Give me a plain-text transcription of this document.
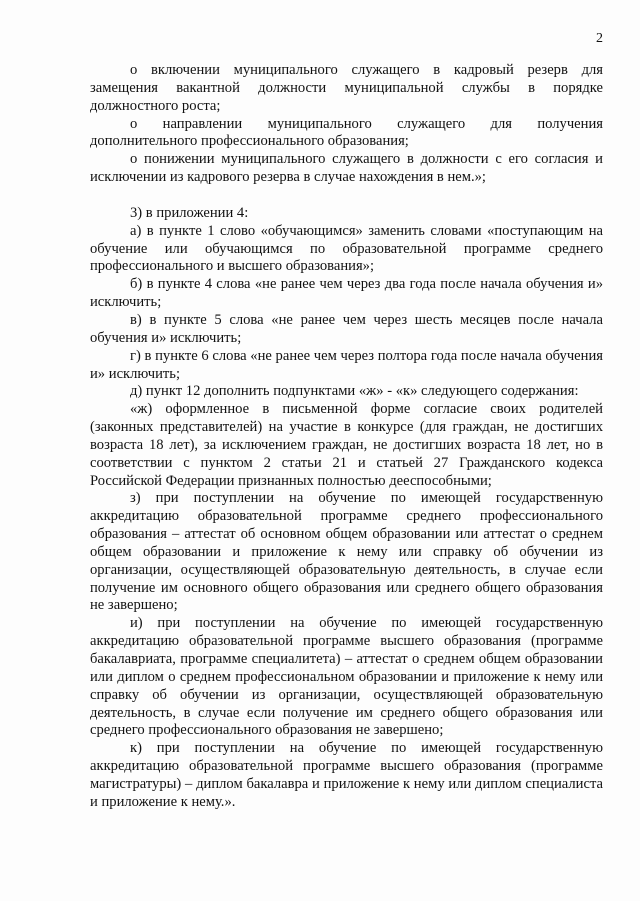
2

о включении муниципального служащего в кадровый резерв для замещения вакантной должности муниципальной службы в порядке должностного роста;

о направлении муниципального служащего для получения дополнительного профессионального образования;

о понижении муниципального служащего в должности с его согласия и исключении из кадрового резерва в случае нахождения в нем.»;

3) в приложении 4:

а) в пункте 1 слово «обучающимся» заменить словами «поступающим на обучение или обучающимся по образовательной программе среднего профессионального и высшего образования»;

б) в пункте 4 слова «не ранее чем через два года после начала обучения и» исключить;

в) в пункте 5 слова «не ранее чем через шесть месяцев после начала обучения и» исключить;

г) в пункте 6 слова «не ранее чем через полтора года после начала обучения и» исключить;

д) пункт 12 дополнить подпунктами «ж» - «к» следующего содержания:

«ж) оформленное в письменной форме согласие своих родителей (законных представителей) на участие в конкурсе (для граждан, не достигших возраста 18 лет), за исключением граждан, не достигших возраста 18 лет, но в соответствии с пунктом 2 статьи 21 и статьей 27 Гражданского кодекса Российской Федерации признанных полностью дееспособными;

з) при поступлении на обучение по имеющей государственную аккредитацию образовательной программе среднего профессионального образования – аттестат об основном общем образовании или аттестат о среднем общем образовании и приложение к нему или справку об обучении из организации, осуществляющей образовательную деятельность, в случае если получение им основного общего образования или среднего общего образования не завершено;

и) при поступлении на обучение по имеющей государственную аккредитацию образовательной программе высшего образования (программе бакалавриата, программе специалитета) – аттестат о среднем общем образовании или диплом о среднем профессиональном образовании и приложение к нему или справку об обучении из организации, осуществляющей образовательную деятельность, в случае если получение им среднего общего образования или среднего профессионального образования не завершено;

к) при поступлении на обучение по имеющей государственную аккредитацию образовательной программе высшего образования (программе магистратуры) – диплом бакалавра и приложение к нему или диплом специалиста и приложение к нему.».
